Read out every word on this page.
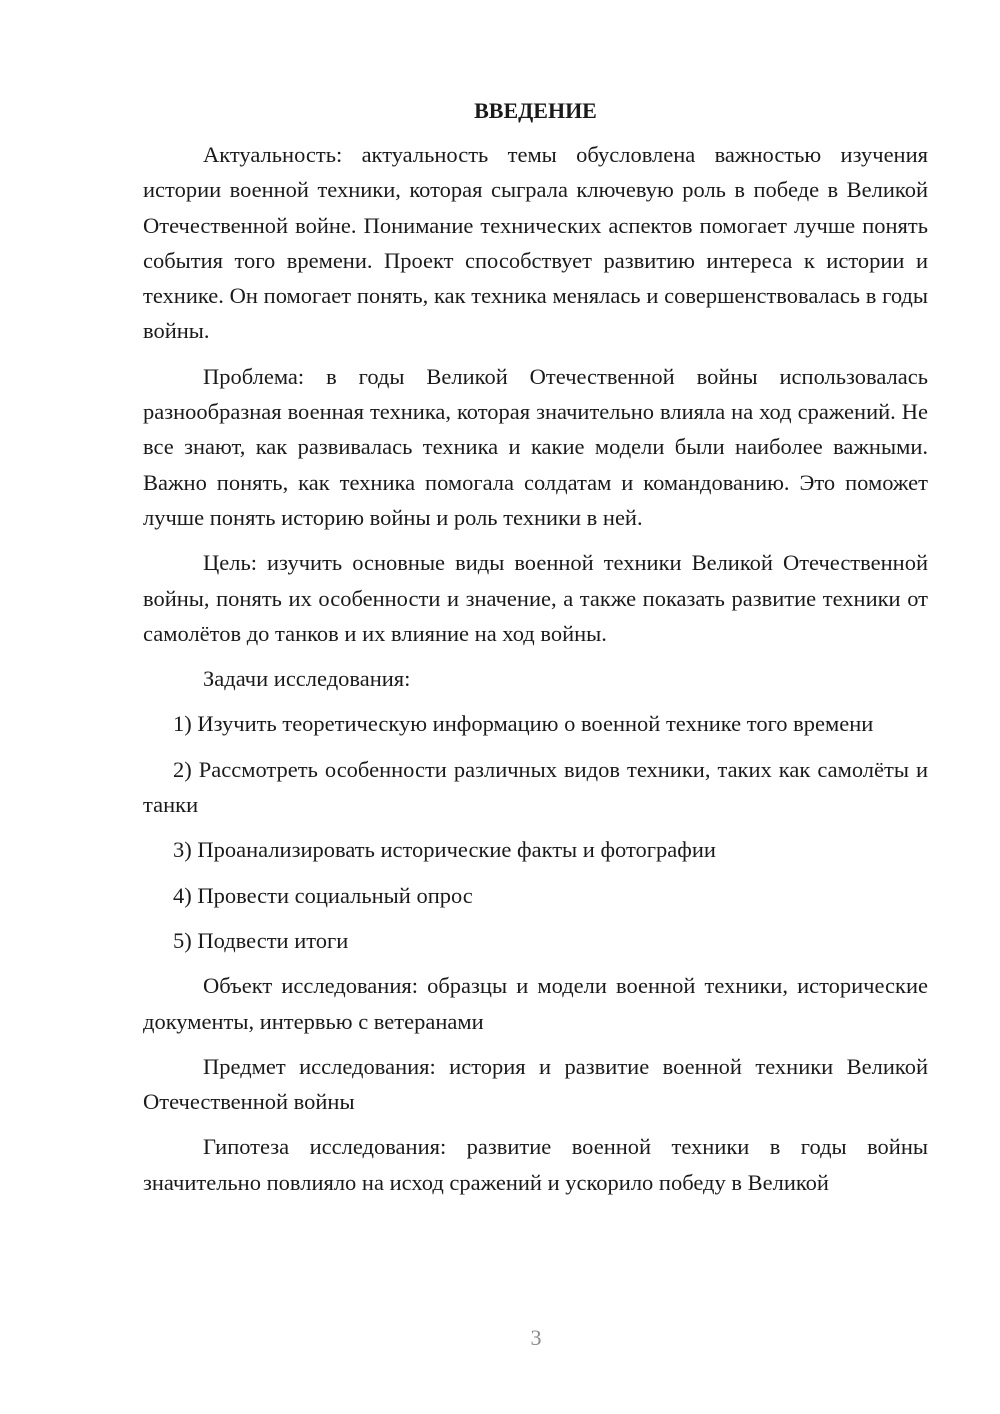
ВВЕДЕНИЕ

Актуальность: актуальность темы обусловлена важностью изучения истории военной техники, которая сыграла ключевую роль в победе в Великой Отечественной войне. Понимание технических аспектов помогает лучше понять события того времени. Проект способствует развитию интереса к истории и технике. Он помогает понять, как техника менялась и совершенствовалась в годы войны.

Проблема: в годы Великой Отечественной войны использовалась разнообразная военная техника, которая значительно влияла на ход сражений. Не все знают, как развивалась техника и какие модели были наиболее важными. Важно понять, как техника помогала солдатам и командованию. Это поможет лучше понять историю войны и роль техники в ней.

Цель: изучить основные виды военной техники Великой Отечественной войны, понять их особенности и значение, а также показать развитие техники от самолётов до танков и их влияние на ход войны.

Задачи исследования:

1) Изучить теоретическую информацию о военной технике того времени

2) Рассмотреть особенности различных видов техники, таких как самолёты и танки

3) Проанализировать исторические факты и фотографии

4) Провести социальный опрос

5) Подвести итоги

Объект исследования: образцы и модели военной техники, исторические документы, интервью с ветеранами

Предмет исследования: история и развитие военной техники Великой Отечественной войны

Гипотеза исследования: развитие военной техники в годы войны значительно повлияло на исход сражений и ускорило победу в Великой

3
